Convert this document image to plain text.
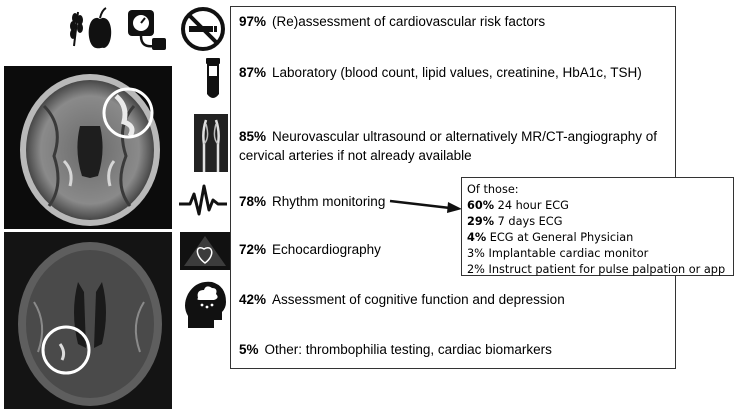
97% (Re)assessment of cardiovascular risk factors
87% Laboratory (blood count, lipid values, creatinine, HbA1c, TSH)
85% Neurovascular ultrasound or alternatively MR/CT-angiography of cervical arteries if not already available
78% Rhythm monitoring
72% Echocardiography
42% Assessment of cognitive function and depression
5% Other: thrombophilia testing, cardiac biomarkers
Of those:
60% 24 hour ECG
29% 7 days ECG
4% ECG at General Physician
3% Implantable cardiac monitor
2% Instruct patient for pulse palpation or app
